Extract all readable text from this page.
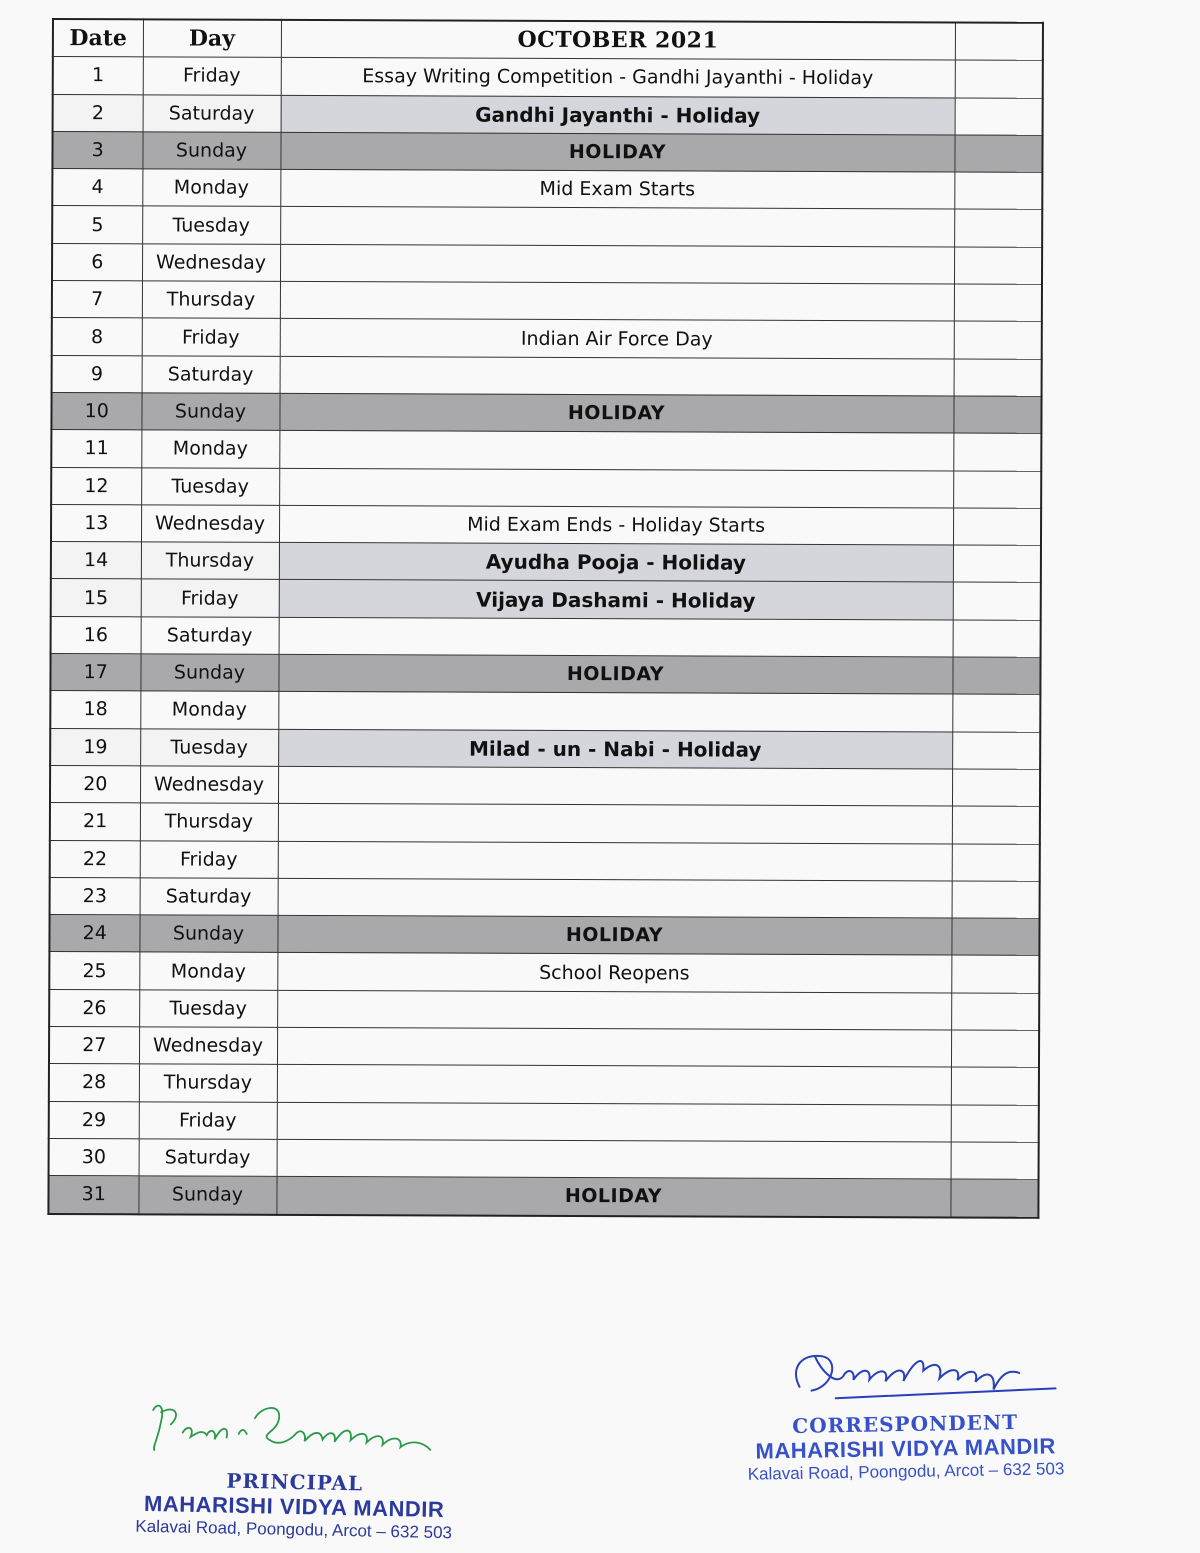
Date	Day	OCTOBER 2021	
1	Friday	Essay Writing Competition - Gandhi Jayanthi - Holiday	
2	Saturday	Gandhi Jayanthi - Holiday	
3	Sunday	HOLIDAY	
4	Monday	Mid Exam Starts	
5	Tuesday		
6	Wednesday		
7	Thursday		
8	Friday	Indian Air Force Day	
9	Saturday		
10	Sunday	HOLIDAY	
11	Monday		
12	Tuesday		
13	Wednesday	Mid Exam Ends - Holiday Starts	
14	Thursday	Ayudha Pooja - Holiday	
15	Friday	Vijaya Dashami - Holiday	
16	Saturday		
17	Sunday	HOLIDAY	
18	Monday		
19	Tuesday	Milad - un - Nabi - Holiday	
20	Wednesday		
21	Thursday		
22	Friday		
23	Saturday		
24	Sunday	HOLIDAY	
25	Monday	School Reopens	
26	Tuesday		
27	Wednesday		
28	Thursday		
29	Friday		
30	Saturday		
31	Sunday	HOLIDAY	
PRINCIPAL
MAHARISHI VIDYA MANDIR
Kalavai Road, Poongodu, Arcot – 632 503
CORRESPONDENT
MAHARISHI VIDYA MANDIR
Kalavai Road, Poongodu, Arcot – 632 503
